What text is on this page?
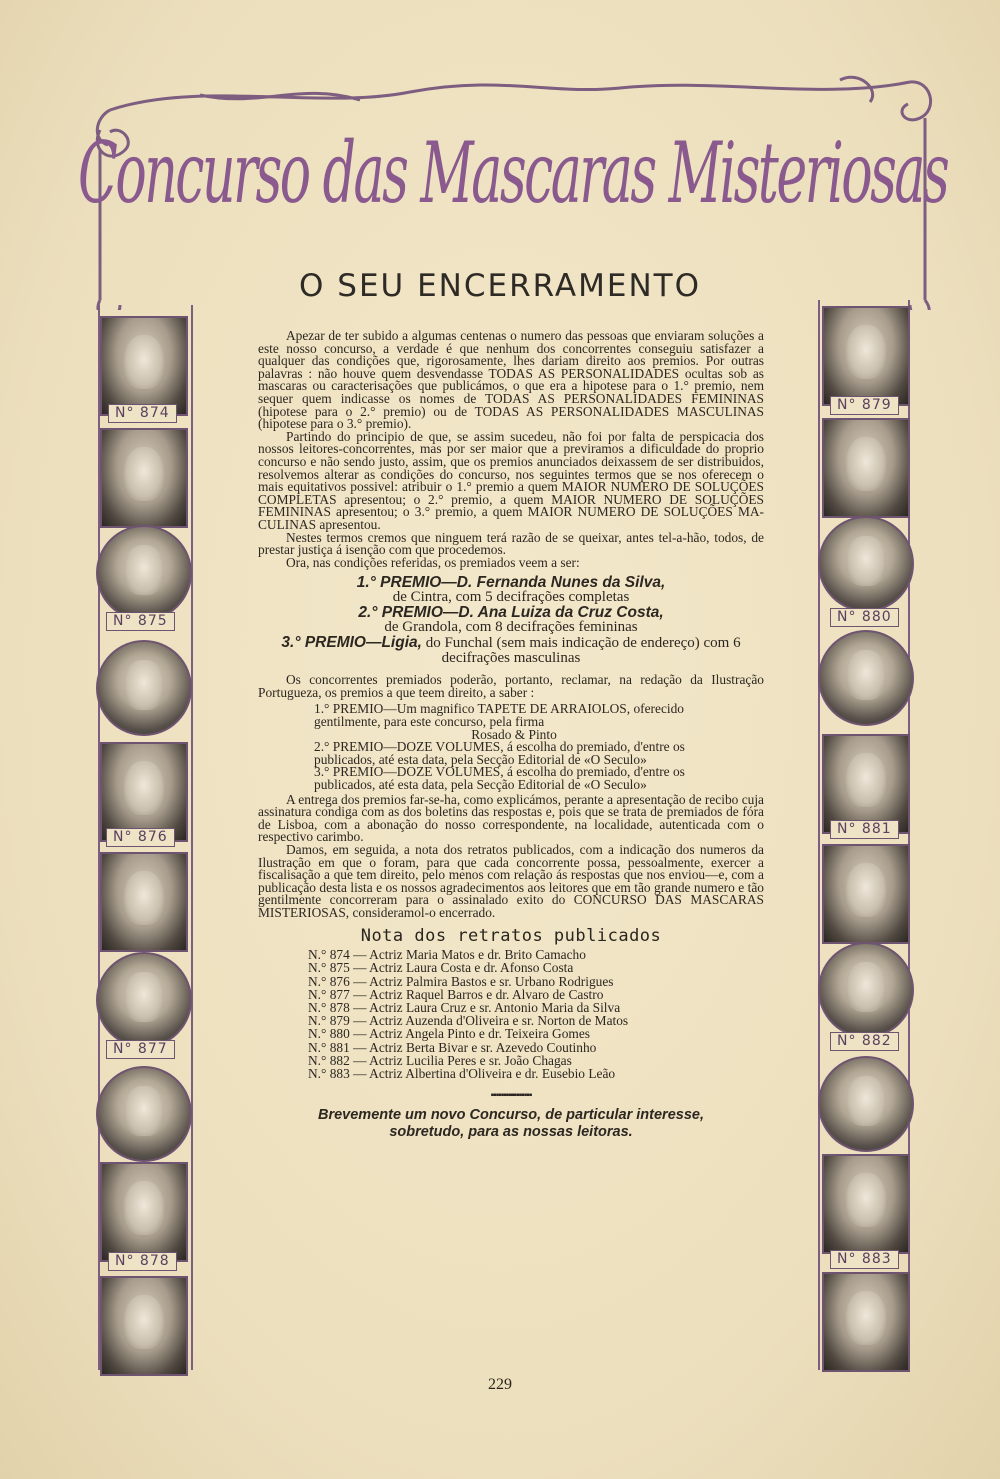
Concurso das Mascaras Misteriosas
O SEU ENCERRAMENTO
N° 874
N° 875
N° 876
N° 877
N° 878
N° 879
N° 880
N° 881
N° 882
N° 883

Apezar de ter subido a algumas centenas o numero das pessoas que enviaram soluções a este nosso concurso, a verdade é que nenhum dos concorrentes conseguiu satisfazer a qualquer das condições que, rigorosamente, lhes dariam direito aos premios. Por outras palavras : não houve quem desvendasse TODAS AS PERSONALIDADES ocultas sob as mascaras ou caracterisações que publicámos, o que era a hipotese para o 1.° premio, nem sequer quem indicasse os nomes de TODAS AS PERSONALIDADES FEMININAS (hipotese para o 2.° premio) ou de TODAS AS PERSONALIDADES MASCULINAS (hipotese para o 3.° premio).

Partindo do principio de que, se assim sucedeu, não foi por falta de perspicacia dos nossos leitores-concorrentes, mas por ser maior que a previramos a dificuldade do proprio concurso e não sendo justo, assim, que os premios anunciados deixassem de ser distribuidos, resolvemos alterar as condições do concurso, nos seguintes termos que se nos oferecem o mais equitativos possivel: atribuir o 1.° premio a quem MAIOR NUMERO DE SOLUÇÕES COMPLETAS apresentou; o 2.° premio, a quem MAIOR NUMERO DE SOLUÇÕES FEMININAS apresentou; o 3.° premio, a quem MAIOR NUMERO DE SOLUÇÕES MA-CULINAS apresentou.

Nestes termos cremos que ninguem terá razão de se queixar, antes tel-a-hão, todos, de prestar justiça á isenção com que procedemos.

Ora, nas condições referidas, os premiados veem a ser:

1.° PREMIO—D. Fernanda Nunes da Silva,
de Cintra, com 5 decifrações completas
2.° PREMIO—D. Ana Luiza da Cruz Costa,
de Grandola, com 8 decifrações femininas
3.° PREMIO—Ligia, do Funchal (sem mais indicação de endereço) com 6 decifrações masculinas

Os concorrentes premiados poderão, portanto, reclamar, na redação da Ilustração Portugueza, os premios a que teem direito, a saber :

1.° PREMIO—Um magnifico TAPETE DE ARRAIOLOS, oferecido gentilmente, para este concurso, pela firma

Rosado & Pinto

2.° PREMIO—DOZE VOLUMES, á escolha do premiado, d'entre os publicados, até esta data, pela Secção Editorial de «O Seculo»

3.° PREMIO—DOZE VOLUMES, á escolha do premiado, d'entre os publicados, até esta data, pela Secção Editorial de «O Seculo»

A entrega dos premios far-se-ha, como explicámos, perante a apresentação de recibo cuja assinatura condiga com as dos boletins das respostas e, pois que se trata de premiados de fóra de Lisboa, com a abonação do nosso correspondente, na localidade, autenticada com o respectivo carimbo.

Damos, em seguida, a nota dos retratos publicados, com a indicação dos numeros da Ilustração em que o foram, para que cada concorrente possa, pessoalmente, exercer a fiscalisação a que tem direito, pelo menos com relação ás respostas que nos enviou—e, com a publicação desta lista e os nossos agradecimentos aos leitores que em tão grande numero e tão gentilmente concorreram para o assinalado exito do CONCURSO DAS MASCARAS MISTERIOSAS, consideramol-o encerrado.

Nota dos retratos publicados
N.° 874 — Actriz Maria Matos e dr. Brito Camacho
N.° 875 — Actriz Laura Costa e dr. Afonso Costa
N.° 876 — Actriz Palmira Bastos e sr. Urbano Rodrigues
N.° 877 — Actriz Raquel Barros e dr. Alvaro de Castro
N.° 878 — Actriz Laura Cruz e sr. Antonio Maria da Silva
N.° 879 — Actriz Auzenda d'Oliveira e sr. Norton de Matos
N.° 880 — Actriz Angela Pinto e dr. Teixeira Gomes
N.° 881 — Actriz Berta Bivar e sr. Azevedo Coutinho
N.° 882 — Actriz Lucilia Peres e sr. João Chagas
N.° 883 — Actriz Albertina d'Oliveira e dr. Eusebio Leão
▪▪▪▪▪▪▪▪▪▪▪▪▪▪▪▪
Brevemente um novo Concurso, de particular interesse,
sobretudo, para as nossas leitoras.
229
